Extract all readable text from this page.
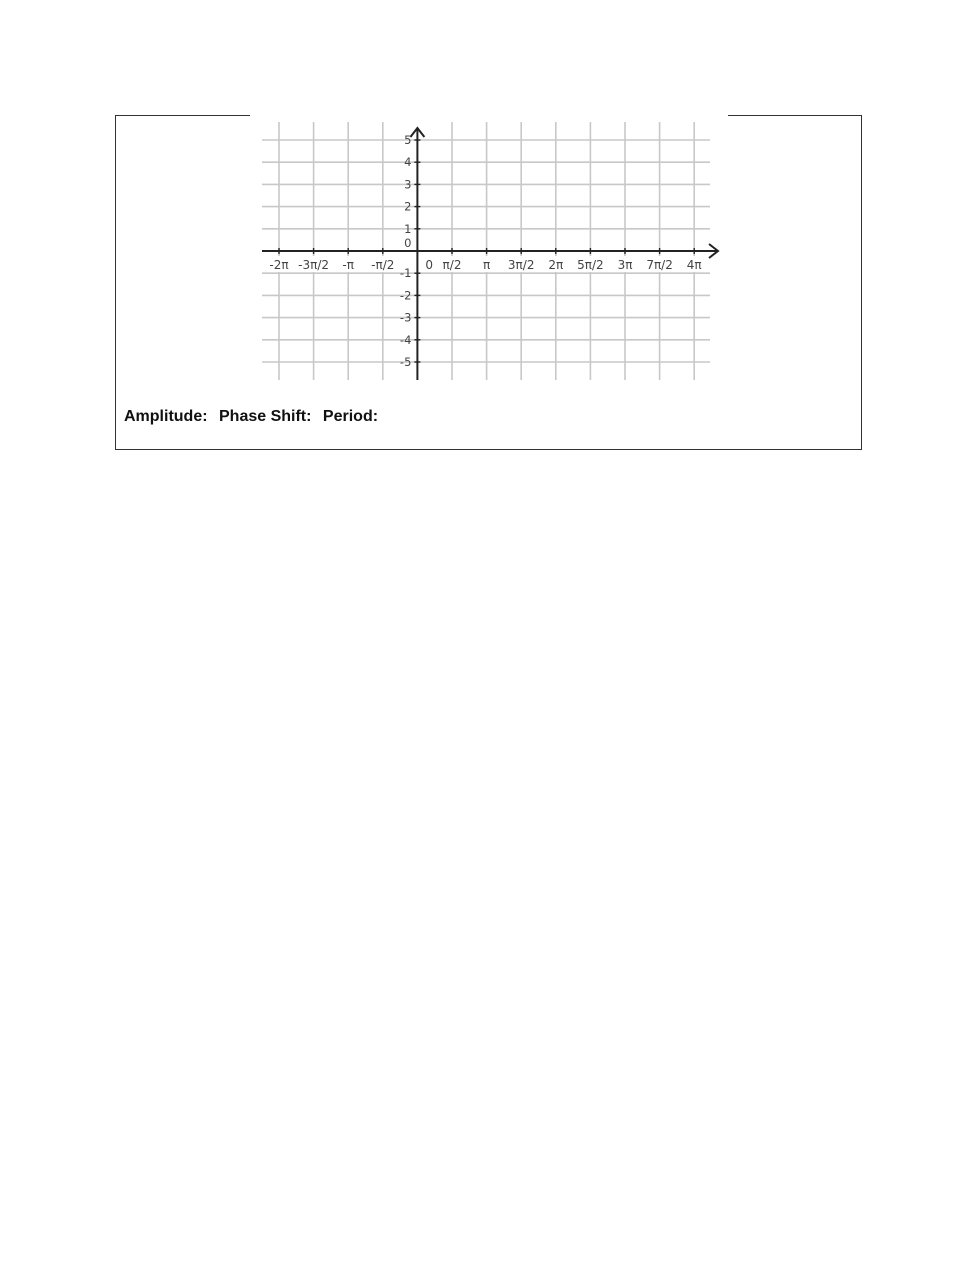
-2π -3π/2 -π -π/2	0 π/2 π 3π/2 2π 5π/2 3π 7π/2 4π
5
4
3
2
1
0
-1
-2
-3
-4
-5
Amplitude: Phase Shift: Period:
